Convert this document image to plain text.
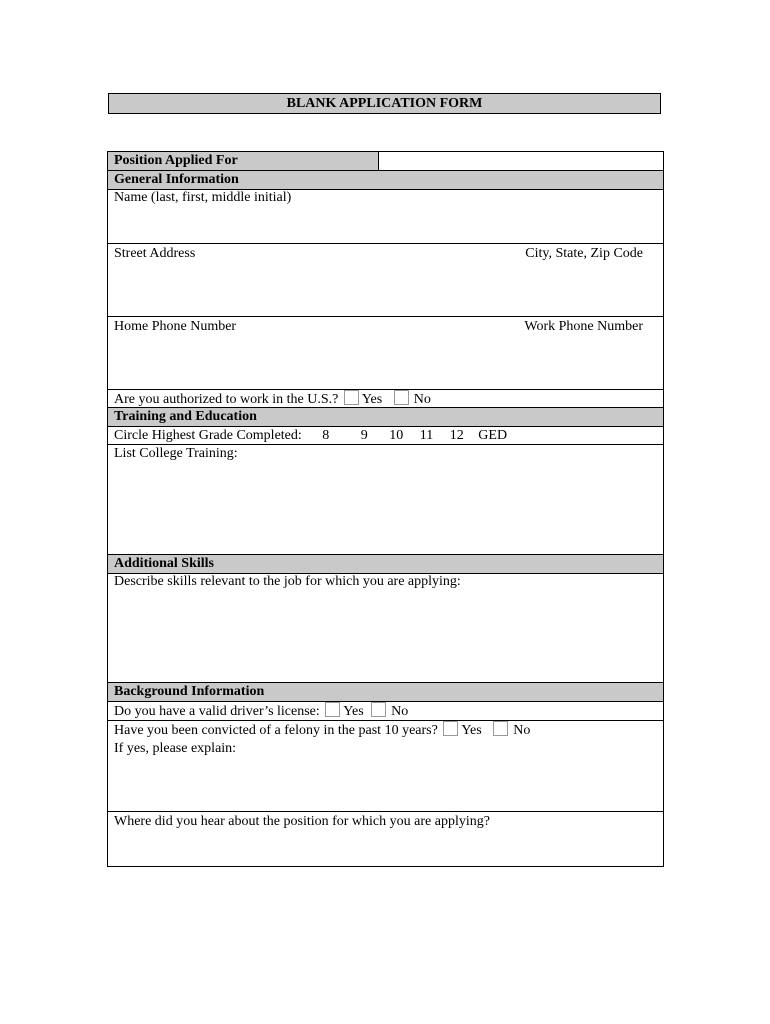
BLANK APPLICATION FORM
Position Applied For
General Information
Name (last, first, middle initial)
Street Address	City, State, Zip Code
Home Phone Number	Work Phone Number
Are you authorized to work in the U.S.? Yes No
Training and Education
Circle Highest Grade Completed: 8 9 10 11 12 GED
List College Training:
Additional Skills
Describe skills relevant to the job for which you are applying:
Background Information
Do you have a valid driver’s license: Yes No
Have you been convicted of a felony in the past 10 years? Yes No
If yes, please explain:
Where did you hear about the position for which you are applying?
